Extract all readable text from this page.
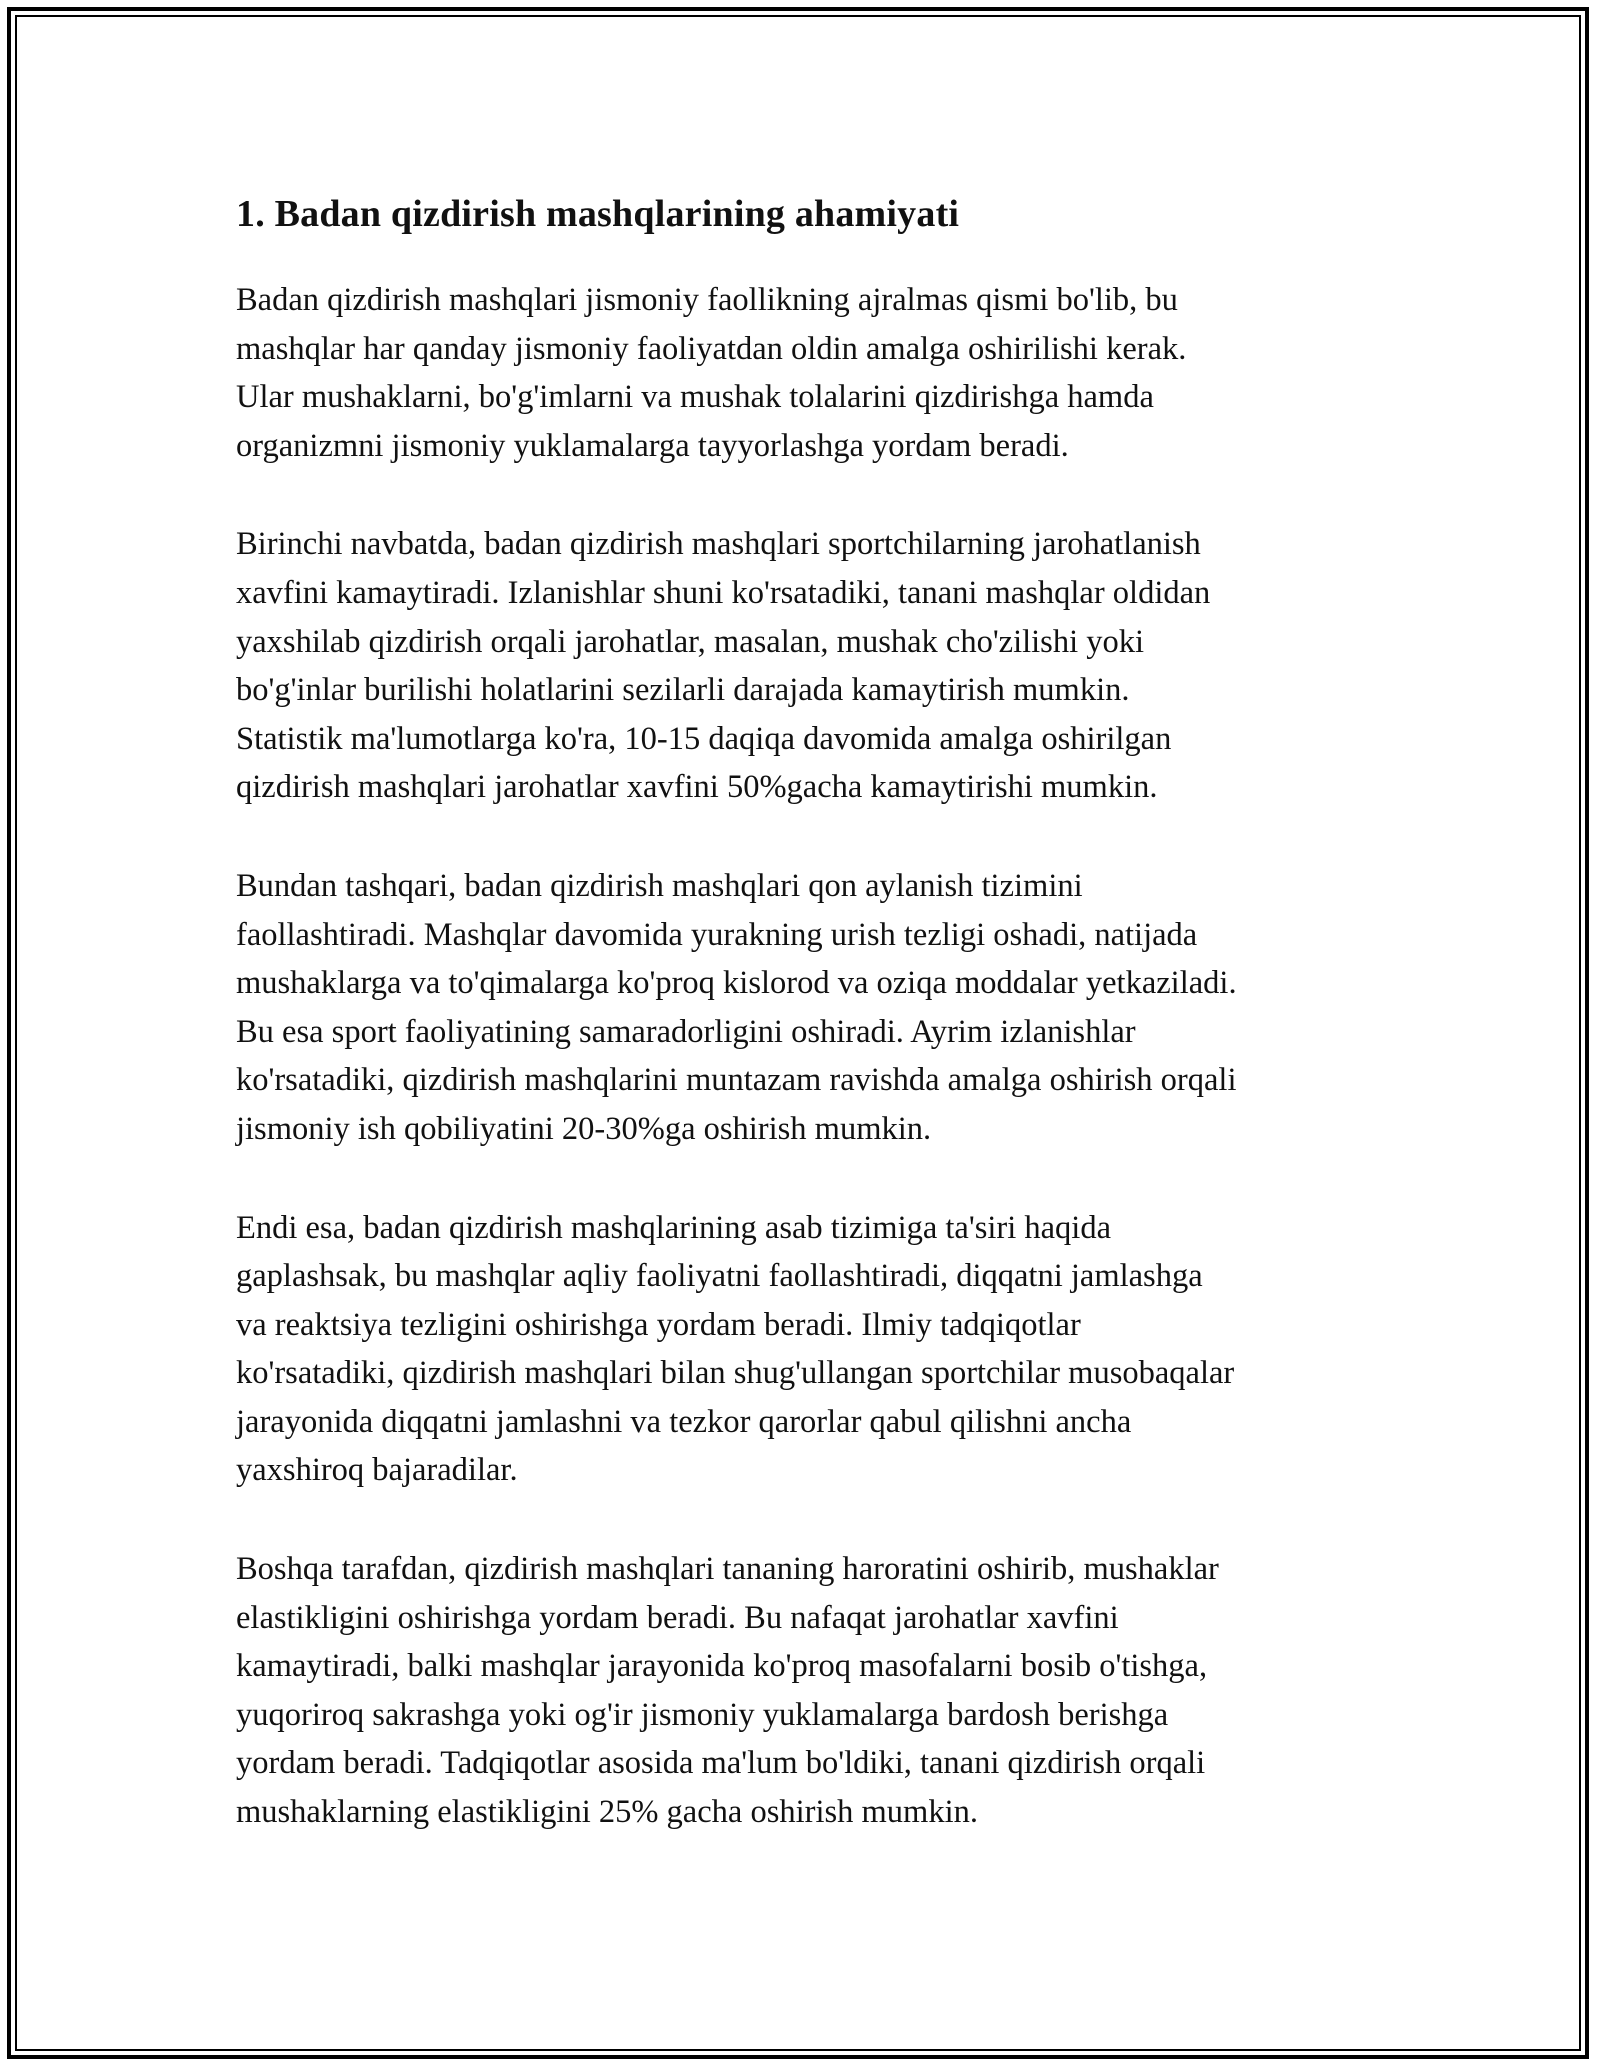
1. Badan qizdirish mashqlarining ahamiyati

Badan qizdirish mashqlari jismoniy faollikning ajralmas qismi bo'lib, bu
mashqlar har qanday jismoniy faoliyatdan oldin amalga oshirilishi kerak.
Ular mushaklarni, bo'g'imlarni va mushak tolalarini qizdirishga hamda
organizmni jismoniy yuklamalarga tayyorlashga yordam beradi.

Birinchi navbatda, badan qizdirish mashqlari sportchilarning jarohatlanish
xavfini kamaytiradi. Izlanishlar shuni ko'rsatadiki, tanani mashqlar oldidan
yaxshilab qizdirish orqali jarohatlar, masalan, mushak cho'zilishi yoki
bo'g'inlar burilishi holatlarini sezilarli darajada kamaytirish mumkin.
Statistik ma'lumotlarga ko'ra, 10-15 daqiqa davomida amalga oshirilgan
qizdirish mashqlari jarohatlar xavfini 50%gacha kamaytirishi mumkin.

Bundan tashqari, badan qizdirish mashqlari qon aylanish tizimini
faollashtiradi. Mashqlar davomida yurakning urish tezligi oshadi, natijada
mushaklarga va to'qimalarga ko'proq kislorod va oziqa moddalar yetkaziladi.
Bu esa sport faoliyatining samaradorligini oshiradi. Ayrim izlanishlar
ko'rsatadiki, qizdirish mashqlarini muntazam ravishda amalga oshirish orqali
jismoniy ish qobiliyatini 20-30%ga oshirish mumkin.

Endi esa, badan qizdirish mashqlarining asab tizimiga ta'siri haqida
gaplashsak, bu mashqlar aqliy faoliyatni faollashtiradi, diqqatni jamlashga
va reaktsiya tezligini oshirishga yordam beradi. Ilmiy tadqiqotlar
ko'rsatadiki, qizdirish mashqlari bilan shug'ullangan sportchilar musobaqalar
jarayonida diqqatni jamlashni va tezkor qarorlar qabul qilishni ancha
yaxshiroq bajaradilar.

Boshqa tarafdan, qizdirish mashqlari tananing haroratini oshirib, mushaklar
elastikligini oshirishga yordam beradi. Bu nafaqat jarohatlar xavfini
kamaytiradi, balki mashqlar jarayonida ko'proq masofalarni bosib o'tishga,
yuqoriroq sakrashga yoki og'ir jismoniy yuklamalarga bardosh berishga
yordam beradi. Tadqiqotlar asosida ma'lum bo'ldiki, tanani qizdirish orqali
mushaklarning elastikligini 25% gacha oshirish mumkin.
